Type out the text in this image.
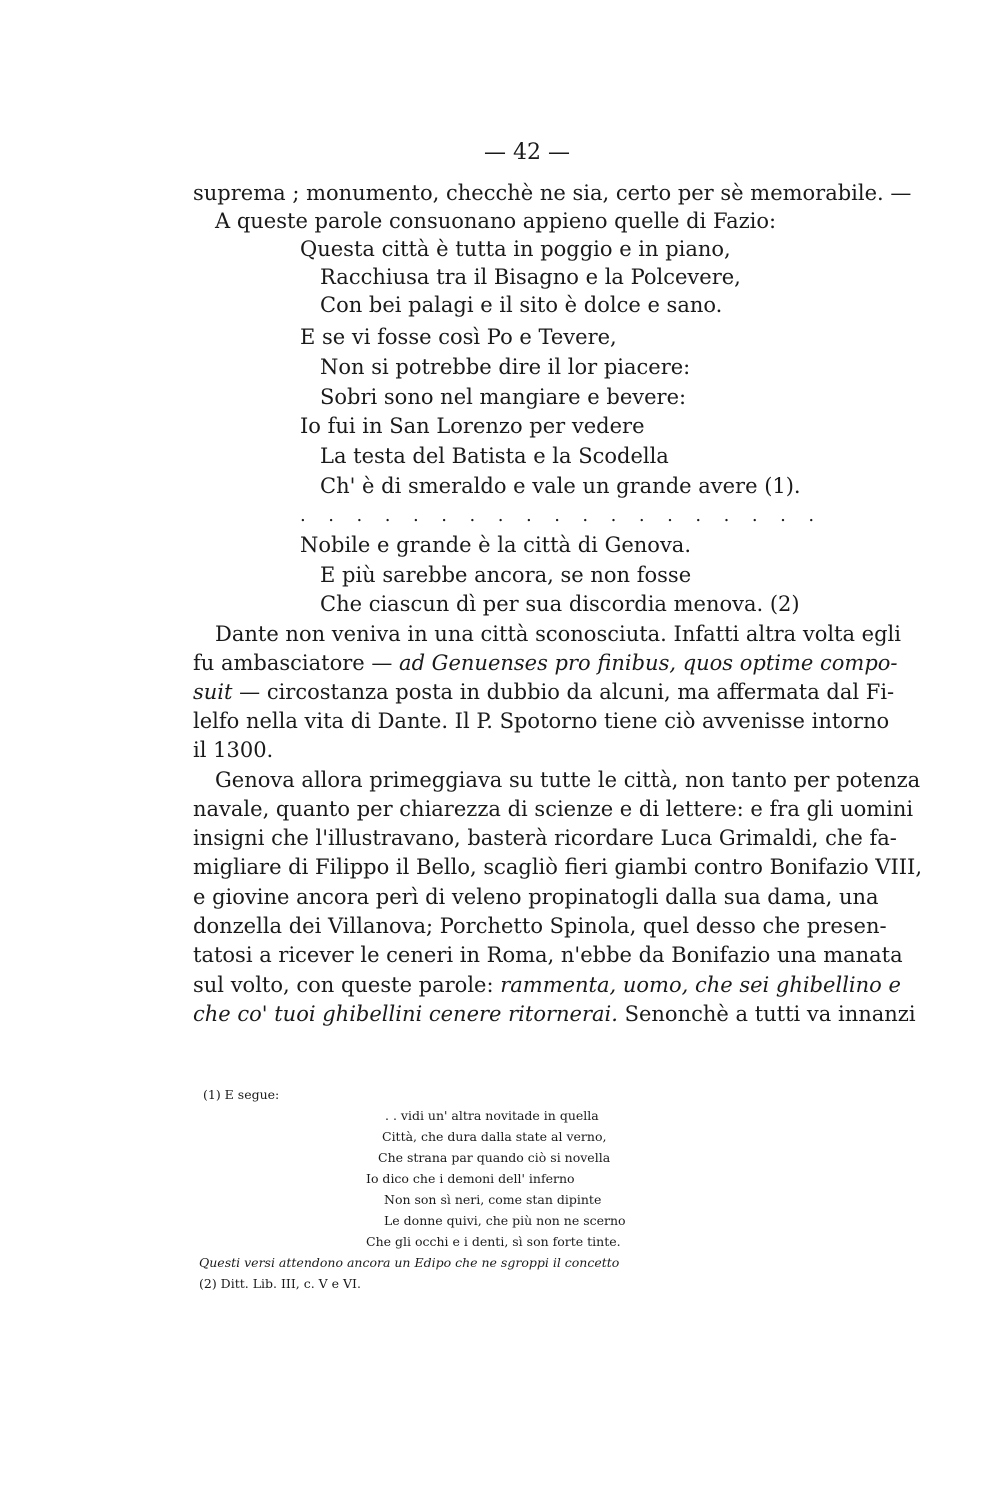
— 42 —
suprema ; monumento, checchè ne sia, certo per sè memorabile. —
A queste parole consuonano appieno quelle di Fazio:
Questa città è tutta in poggio e in piano,
Racchiusa tra il Bisagno e la Polcevere,
Con bei palagi e il sito è dolce e sano.
E se vi fosse così Po e Tevere,
Non si potrebbe dire il lor piacere:
Sobri sono nel mangiare e bevere:
Io fui in San Lorenzo per vedere
La testa del Batista e la Scodella
Ch' è di smeraldo e vale un grande avere (1).
. . . . . . . . . . . . . . . . . . .
Nobile e grande è la città di Genova.
E più sarebbe ancora, se non fosse
Che ciascun dì per sua discordia menova. (2)
Dante non veniva in una città sconosciuta. Infatti altra volta egli
fu ambasciatore — ad Genuenses pro finibus, quos optime compo-
suit — circostanza posta in dubbio da alcuni, ma affermata dal Fi-
lelfo nella vita di Dante. Il P. Spotorno tiene ciò avvenisse intorno
il 1300.
Genova allora primeggiava su tutte le città, non tanto per potenza
navale, quanto per chiarezza di scienze e di lettere: e fra gli uomini
insigni che l'illustravano, basterà ricordare Luca Grimaldi, che fa-
migliare di Filippo il Bello, scagliò fieri giambi contro Bonifazio VIII,
e giovine ancora perì di veleno propinatogli dalla sua dama, una
donzella dei Villanova; Porchetto Spinola, quel desso che presen-
tatosi a ricever le ceneri in Roma, n'ebbe da Bonifazio una manata
sul volto, con queste parole: rammenta, uomo, che sei ghibellino e
che co' tuoi ghibellini cenere ritornerai. Senonchè a tutti va innanzi
(1) E segue:
. . vidi un' altra novitade in quella
Città, che dura dalla state al verno,
Che strana par quando ciò si novella
Io dico che i demoni dell' inferno
Non son sì neri, come stan dipinte
Le donne quivi, che più non ne scerno
Che gli occhi e i denti, sì son forte tinte.
Questi versi attendono ancora un Edipo che ne sgroppi il concetto
(2) Ditt. Lib. III, c. V e VI.
